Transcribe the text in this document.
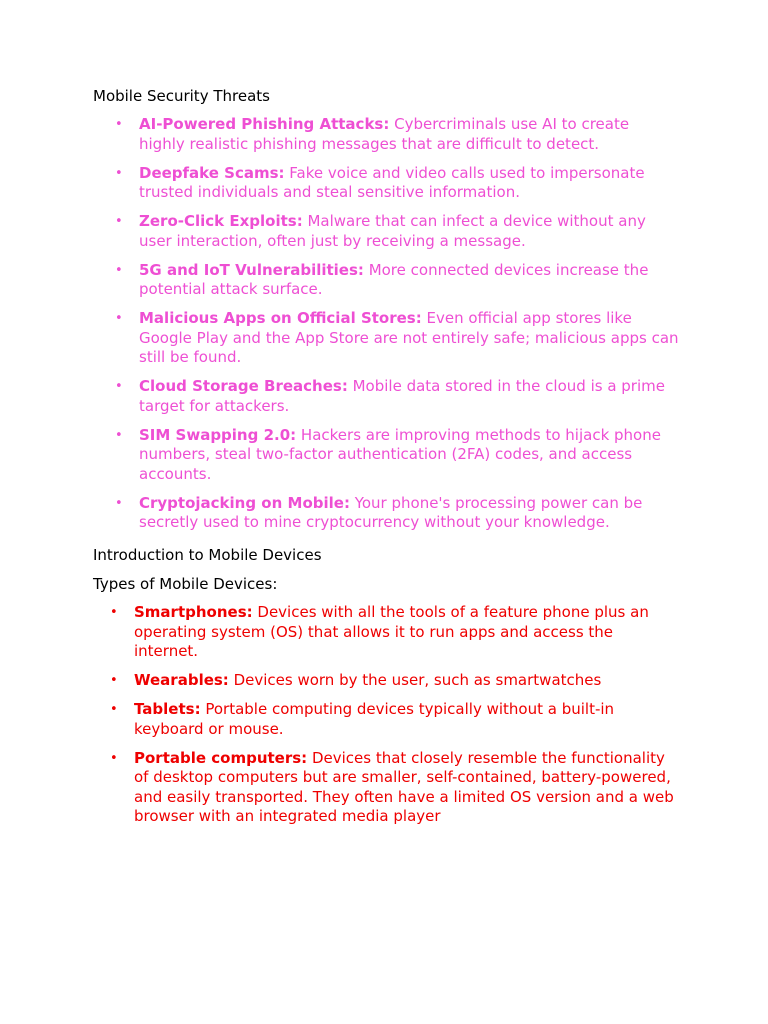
Mobile Security Threats
• AI-Powered Phishing Attacks: Cybercriminals use AI to create highly realistic phishing messages that are difficult to detect.
• Deepfake Scams: Fake voice and video calls used to impersonate trusted individuals and steal sensitive information.
• Zero-Click Exploits: Malware that can infect a device without any user interaction, often just by receiving a message.
• 5G and IoT Vulnerabilities: More connected devices increase the potential attack surface.
• Malicious Apps on Official Stores: Even official app stores like Google Play and the App Store are not entirely safe; malicious apps can still be found.
• Cloud Storage Breaches: Mobile data stored in the cloud is a prime target for attackers.
• SIM Swapping 2.0: Hackers are improving methods to hijack phone numbers, steal two-factor authentication (2FA) codes, and access accounts.
• Cryptojacking on Mobile: Your phone's processing power can be secretly used to mine cryptocurrency without your knowledge.
Introduction to Mobile Devices
Types of Mobile Devices:
• Smartphones: Devices with all the tools of a feature phone plus an operating system (OS) that allows it to run apps and access the internet.
• Wearables: Devices worn by the user, such as smartwatches
• Tablets: Portable computing devices typically without a built-in keyboard or mouse.
• Portable computers: Devices that closely resemble the functionality of desktop computers but are smaller, self-contained, battery-powered, and easily transported. They often have a limited OS version and a web browser with an integrated media player
